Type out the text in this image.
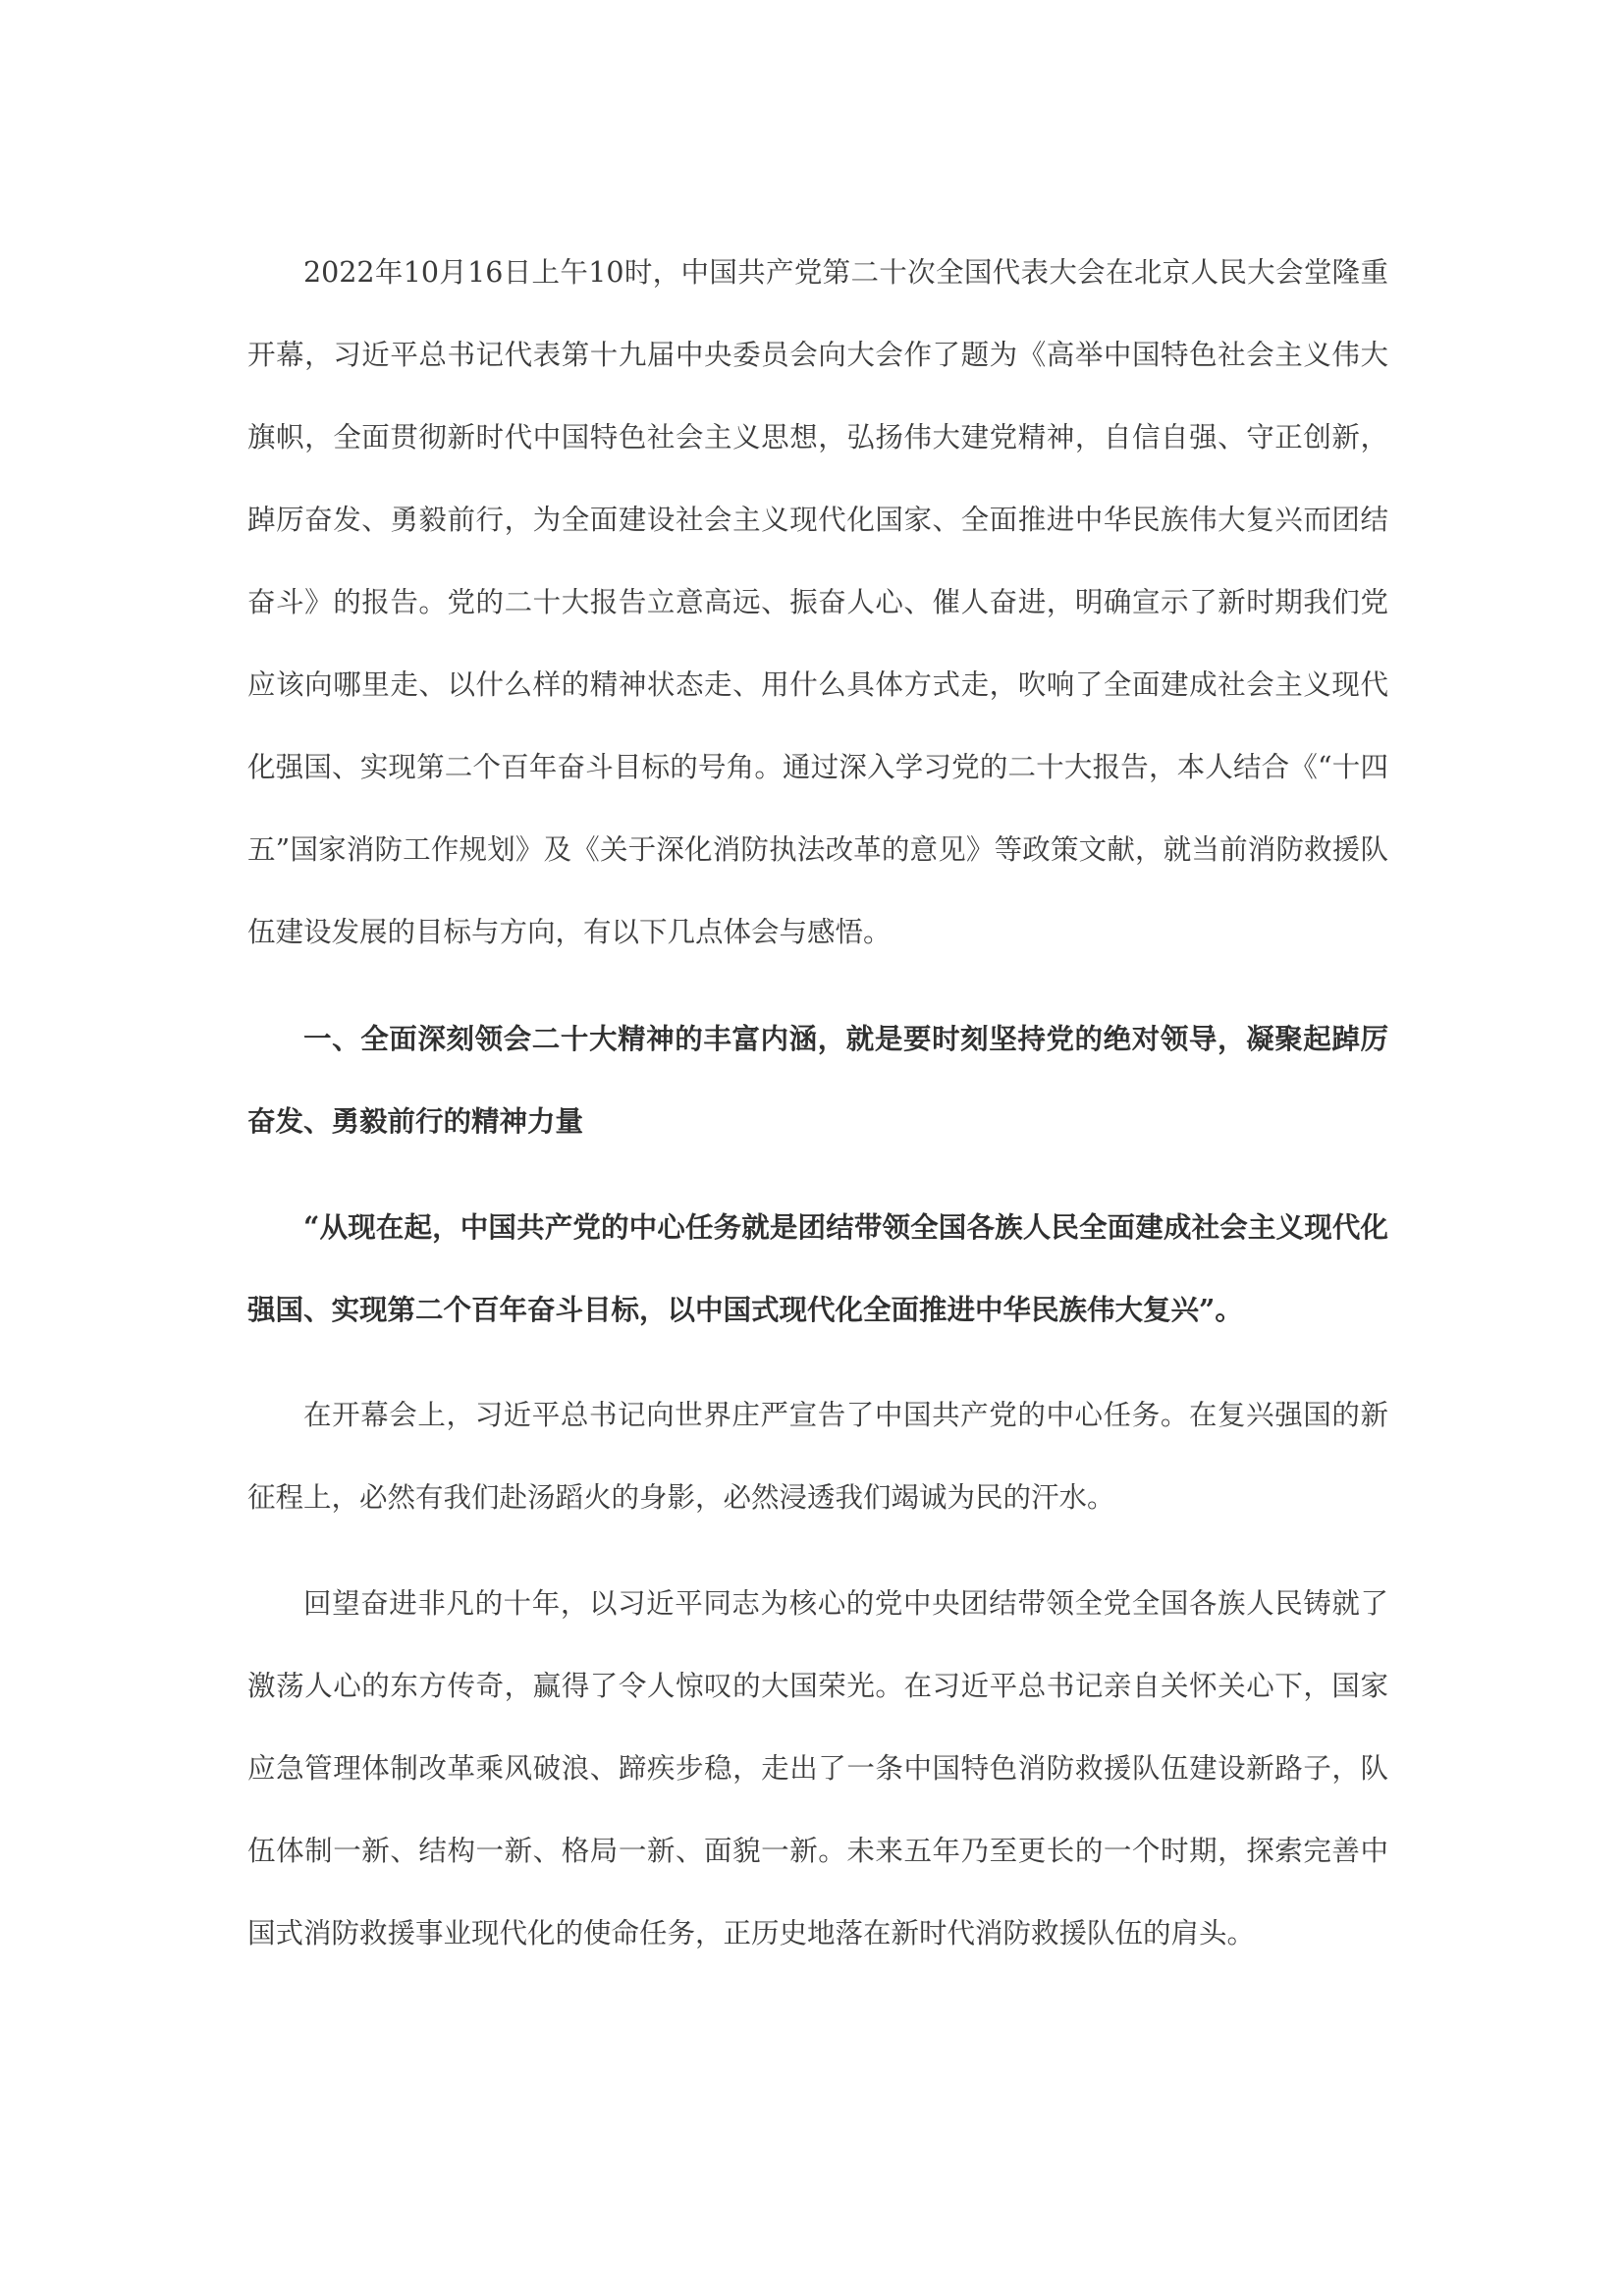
2022年10月16日上午10时，中国共产党第二十次全国代表大会在北京人民大会堂隆重开幕，习近平总书记代表第十九届中央委员会向大会作了题为《高举中国特色社会主义伟大旗帜，全面贯彻新时代中国特色社会主义思想，弘扬伟大建党精神，自信自强、守正创新，踔厉奋发、勇毅前行，为全面建设社会主义现代化国家、全面推进中华民族伟大复兴而团结奋斗》的报告。党的二十大报告立意高远、振奋人心、催人奋进，明确宣示了新时期我们党应该向哪里走、以什么样的精神状态走、用什么具体方式走，吹响了全面建成社会主义现代化强国、实现第二个百年奋斗目标的号角。通过深入学习党的二十大报告，本人结合《“十四五”国家消防工作规划》及《关于深化消防执法改革的意见》等政策文献，就当前消防救援队伍建设发展的目标与方向，有以下几点体会与感悟。

一、全面深刻领会二十大精神的丰富内涵，就是要时刻坚持党的绝对领导，凝聚起踔厉奋发、勇毅前行的精神力量

“从现在起，中国共产党的中心任务就是团结带领全国各族人民全面建成社会主义现代化强国、实现第二个百年奋斗目标，以中国式现代化全面推进中华民族伟大复兴”。

在开幕会上，习近平总书记向世界庄严宣告了中国共产党的中心任务。在复兴强国的新征程上，必然有我们赴汤蹈火的身影，必然浸透我们竭诚为民的汗水。

回望奋进非凡的十年，以习近平同志为核心的党中央团结带领全党全国各族人民铸就了激荡人心的东方传奇，赢得了令人惊叹的大国荣光。在习近平总书记亲自关怀关心下，国家应急管理体制改革乘风破浪、蹄疾步稳，走出了一条中国特色消防救援队伍建设新路子，队伍体制一新、结构一新、格局一新、面貌一新。未来五年乃至更长的一个时期，探索完善中国式消防救援事业现代化的使命任务，正历史地落在新时代消防救援队伍的肩头。
